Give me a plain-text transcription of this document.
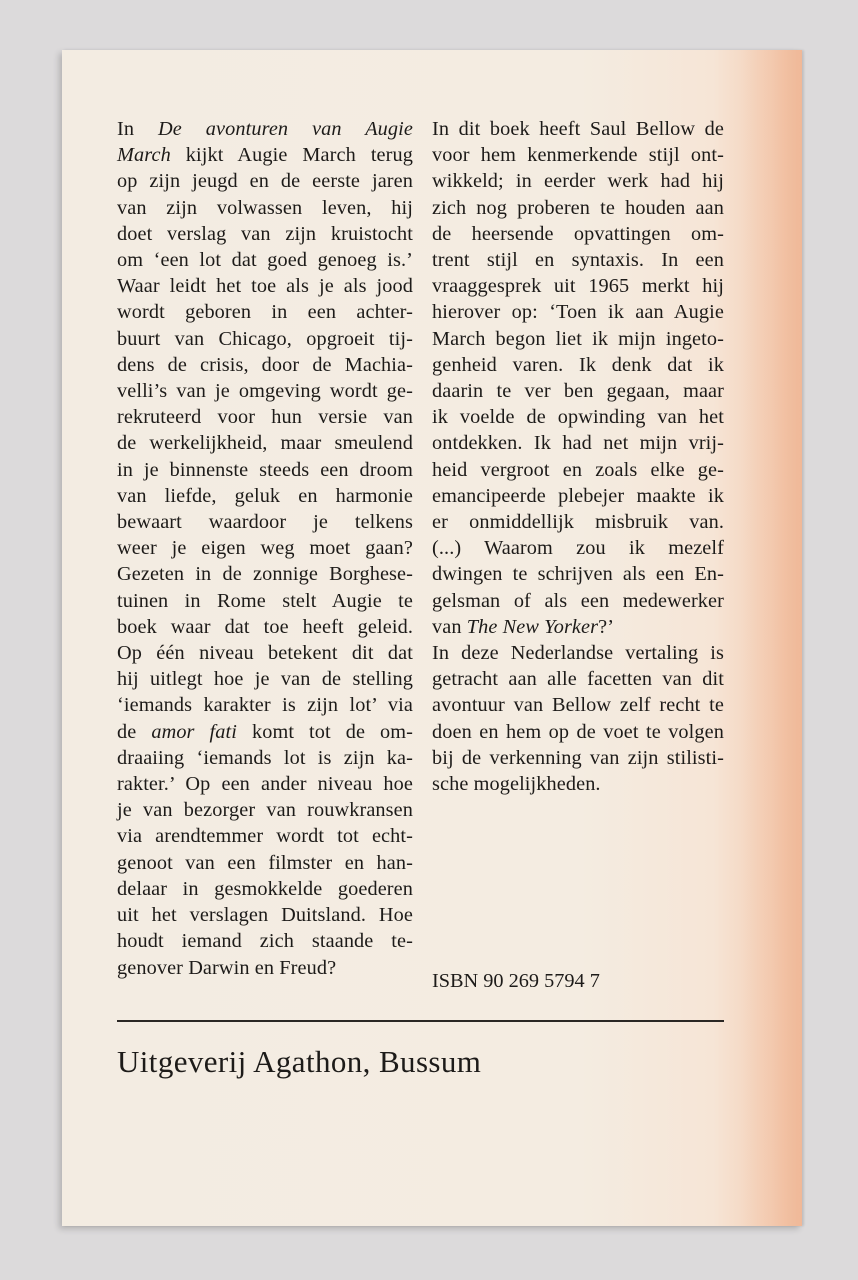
In De avonturen van Augie
March kijkt Augie March terug
op zijn jeugd en de eerste jaren
van zijn volwassen leven, hij
doet verslag van zijn kruistocht
om ‘een lot dat goed genoeg is.’
Waar leidt het toe als je als jood
wordt geboren in een achter-
buurt van Chicago, opgroeit tij-
dens de crisis, door de Machia-
velli’s van je omgeving wordt ge-
rekruteerd voor hun versie van
de werkelijkheid, maar smeulend
in je binnenste steeds een droom
van liefde, geluk en harmonie
bewaart waardoor je telkens
weer je eigen weg moet gaan?
Gezeten in de zonnige Borghese-
tuinen in Rome stelt Augie te
boek waar dat toe heeft geleid.
Op één niveau betekent dit dat
hij uitlegt hoe je van de stelling
‘iemands karakter is zijn lot’ via
de amor fati komt tot de om-
draaiing ‘iemands lot is zijn ka-
rakter.’ Op een ander niveau hoe
je van bezorger van rouwkransen
via arendtemmer wordt tot echt-
genoot van een filmster en han-
delaar in gesmokkelde goederen
uit het verslagen Duitsland. Hoe
houdt iemand zich staande te-
genover Darwin en Freud?
In dit boek heeft Saul Bellow de
voor hem kenmerkende stijl ont-
wikkeld; in eerder werk had hij
zich nog proberen te houden aan
de heersende opvattingen om-
trent stijl en syntaxis. In een
vraaggesprek uit 1965 merkt hij
hierover op: ‘Toen ik aan Augie
March begon liet ik mijn ingeto-
genheid varen. Ik denk dat ik
daarin te ver ben gegaan, maar
ik voelde de opwinding van het
ontdekken. Ik had net mijn vrij-
heid vergroot en zoals elke ge-
emancipeerde plebejer maakte ik
er onmiddellijk misbruik van.
(...) Waarom zou ik mezelf
dwingen te schrijven als een En-
gelsman of als een medewerker
van The New Yorker?’
In deze Nederlandse vertaling is
getracht aan alle facetten van dit
avontuur van Bellow zelf recht te
doen en hem op de voet te volgen
bij de verkenning van zijn stilisti-
sche mogelijkheden.
ISBN 90 269 5794 7
Uitgeverij Agathon, Bussum
